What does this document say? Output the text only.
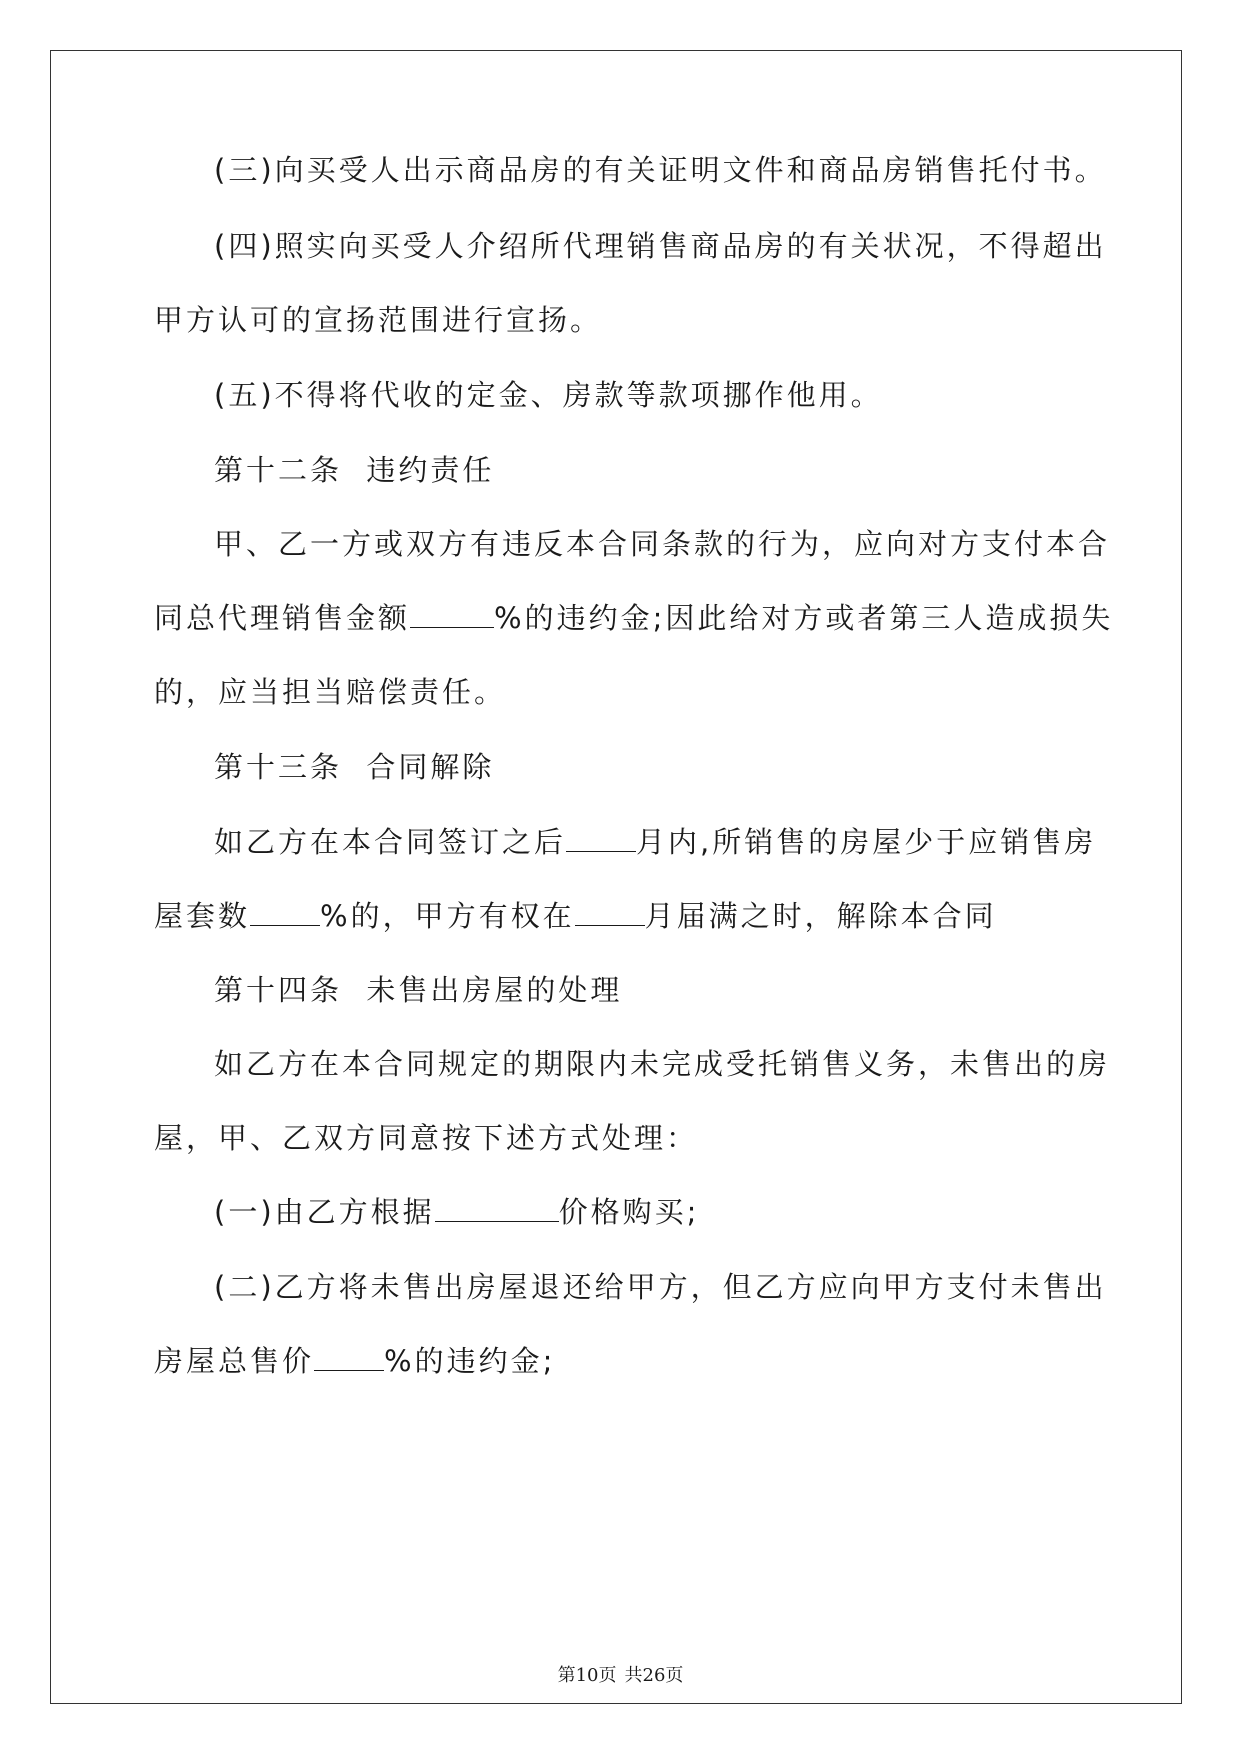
(三)向买受人出示商品房的有关证明文件和商品房销售托付书。
(四)照实向买受人介绍所代理销售商品房的有关状况，不得超出
甲方认可的宣扬范围进行宣扬。
(五)不得将代收的定金、房款等款项挪作他用。
第十二条  违约责任
甲、乙一方或双方有违反本合同条款的行为，应向对方支付本合
同总代理销售金额	%的违约金;因此给对方或者第三人造成损失
的，应当担当赔偿责任。
第十三条  合同解除
如乙方在本合同签订之后 月内,所销售的房屋少于应销售房
屋套数 %的，甲方有权在 月届满之时，解除本合同
第十四条  未售出房屋的处理
如乙方在本合同规定的期限内未完成受托销售义务，未售出的房
屋，甲、乙双方同意按下述方式处理：
(一)由乙方根据	价格购买;
(二)乙方将未售出房屋退还给甲方，但乙方应向甲方支付未售出
房屋总售价 %的违约金;
第10页 共26页
